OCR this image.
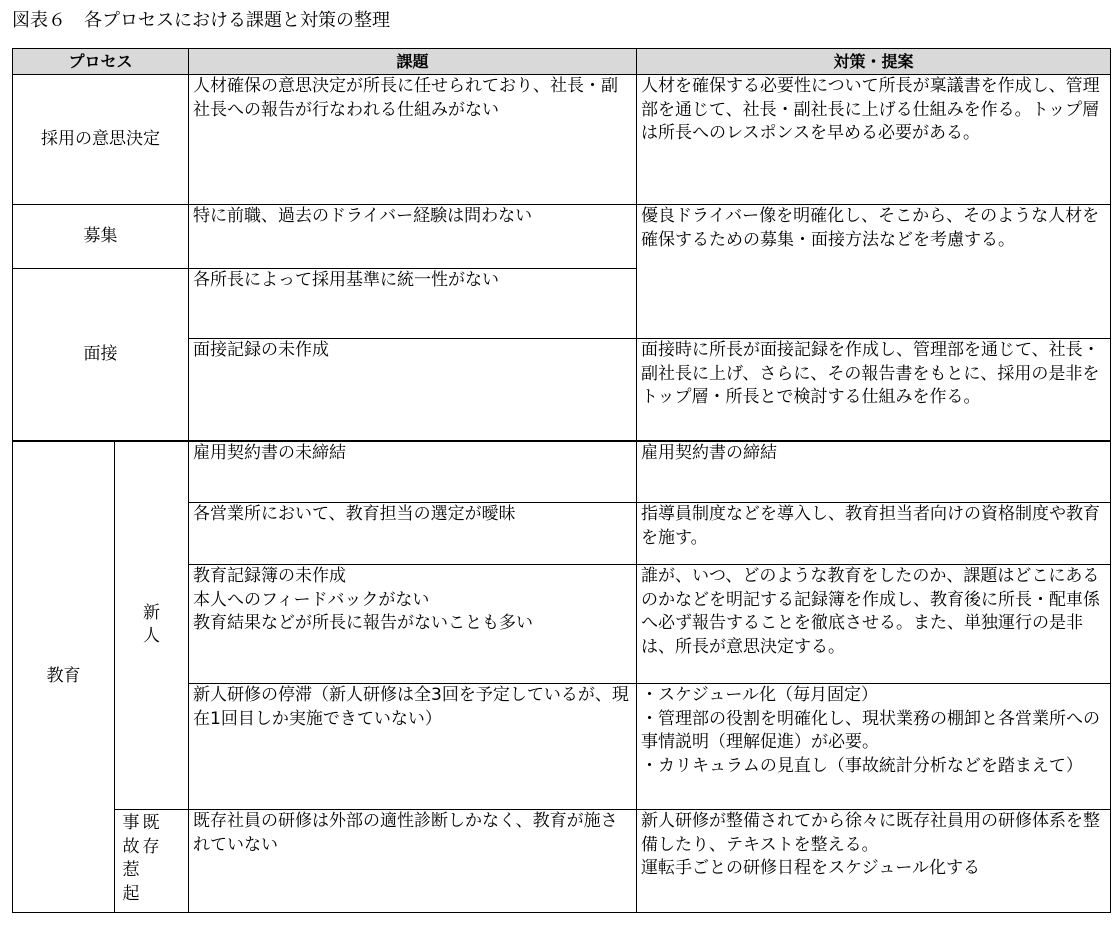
図表６　各プロセスにおける課題と対策の整理
プロセス		課題	対策・提案
採用の意思決定		人材確保の意思決定が所長に任せられており、社長・副社長への報告が行なわれる仕組みがない	人材を確保する必要性について所長が稟議書を作成し、管理部を通じて、社長・副社長に上げる仕組みを作る。トップ層は所長へのレスポンスを早める必要がある。
募集		特に前職、過去のドライバー経験は問わない	優良ドライバー像を明確化し、そこから、そのような人材を確保するための募集・面接方法などを考慮する。
面接		各所長によって採用基準に統一性がない	
		面接記録の未作成	面接時に所長が面接記録を作成し、管理部を通じて、社長・副社長に上げ、さらに、その報告書をもとに、採用の是非をトップ層・所長とで検討する仕組みを作る。
教育	新人	雇用契約書の未締結	雇用契約書の締結
		各営業所において、教育担当の選定が曖昧	指導員制度などを導入し、教育担当者向けの資格制度や教育を施す。
		教育記録簿の未作成
本人へのフィードバックがない
教育結果などが所長に報告がないことも多い	誰が、いつ、どのような教育をしたのか、課題はどこにあるのかなどを明記する記録簿を作成し、教育後に所長・配車係へ必ず報告することを徹底させる。また、単独運行の是非は、所長が意思決定する。
		新人研修の停滞（新人研修は全3回を予定しているが、現在1回目しか実施できていない）	・スケジュール化（毎月固定）
・管理部の役割を明確化し、現状業務の棚卸と各営業所への事情説明（理解促進）が必要。
・カリキュラムの見直し（事故統計分析などを踏まえて）
	事故惹起既存	既存社員の研修は外部の適性診断しかなく、教育が施されていない	新人研修が整備されてから徐々に既存社員用の研修体系を整備したり、テキストを整える。
運転手ごとの研修日程をスケジュール化する
